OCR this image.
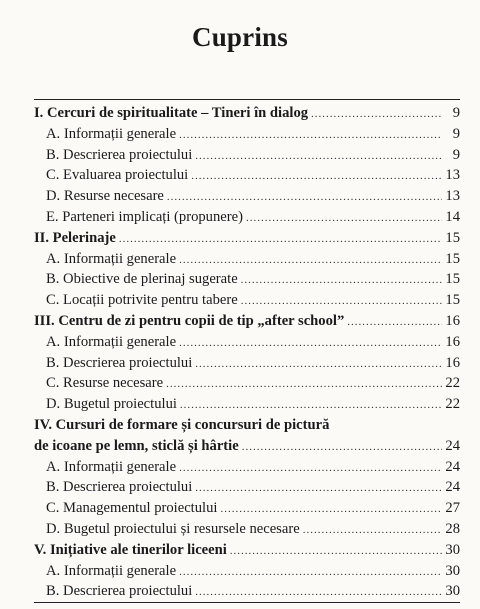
Cuprins
I. Cercuri de spiritualitate – Tineri în dialog .....	9
A. Informații generale .....	9
B. Descrierea proiectului .....	9
C. Evaluarea proiectului .....	13
D. Resurse necesare .....	13
E. Parteneri implicați (propunere) .....	14
II. Pelerinaje .....	15
A. Informații generale .....	15
B. Obiective de plerinaj sugerate .....	15
C. Locații potrivite pentru tabere .....	15
III. Centru de zi pentru copii de tip „after school” .....	16
A. Informații generale .....	16
B. Descrierea proiectului .....	16
C. Resurse necesare .....	22
D. Bugetul proiectului .....	22
IV. Cursuri de formare și concursuri de pictură
de icoane pe lemn, sticlă și hârtie .....	24
A. Informații generale .....	24
B. Descrierea proiectului .....	24
C. Managementul proiectului .....	27
D. Bugetul proiectului și resursele necesare .....	28
V. Inițiative ale tinerilor liceeni .....	30
A. Informații generale .....	30
B. Descrierea proiectului .....	30
